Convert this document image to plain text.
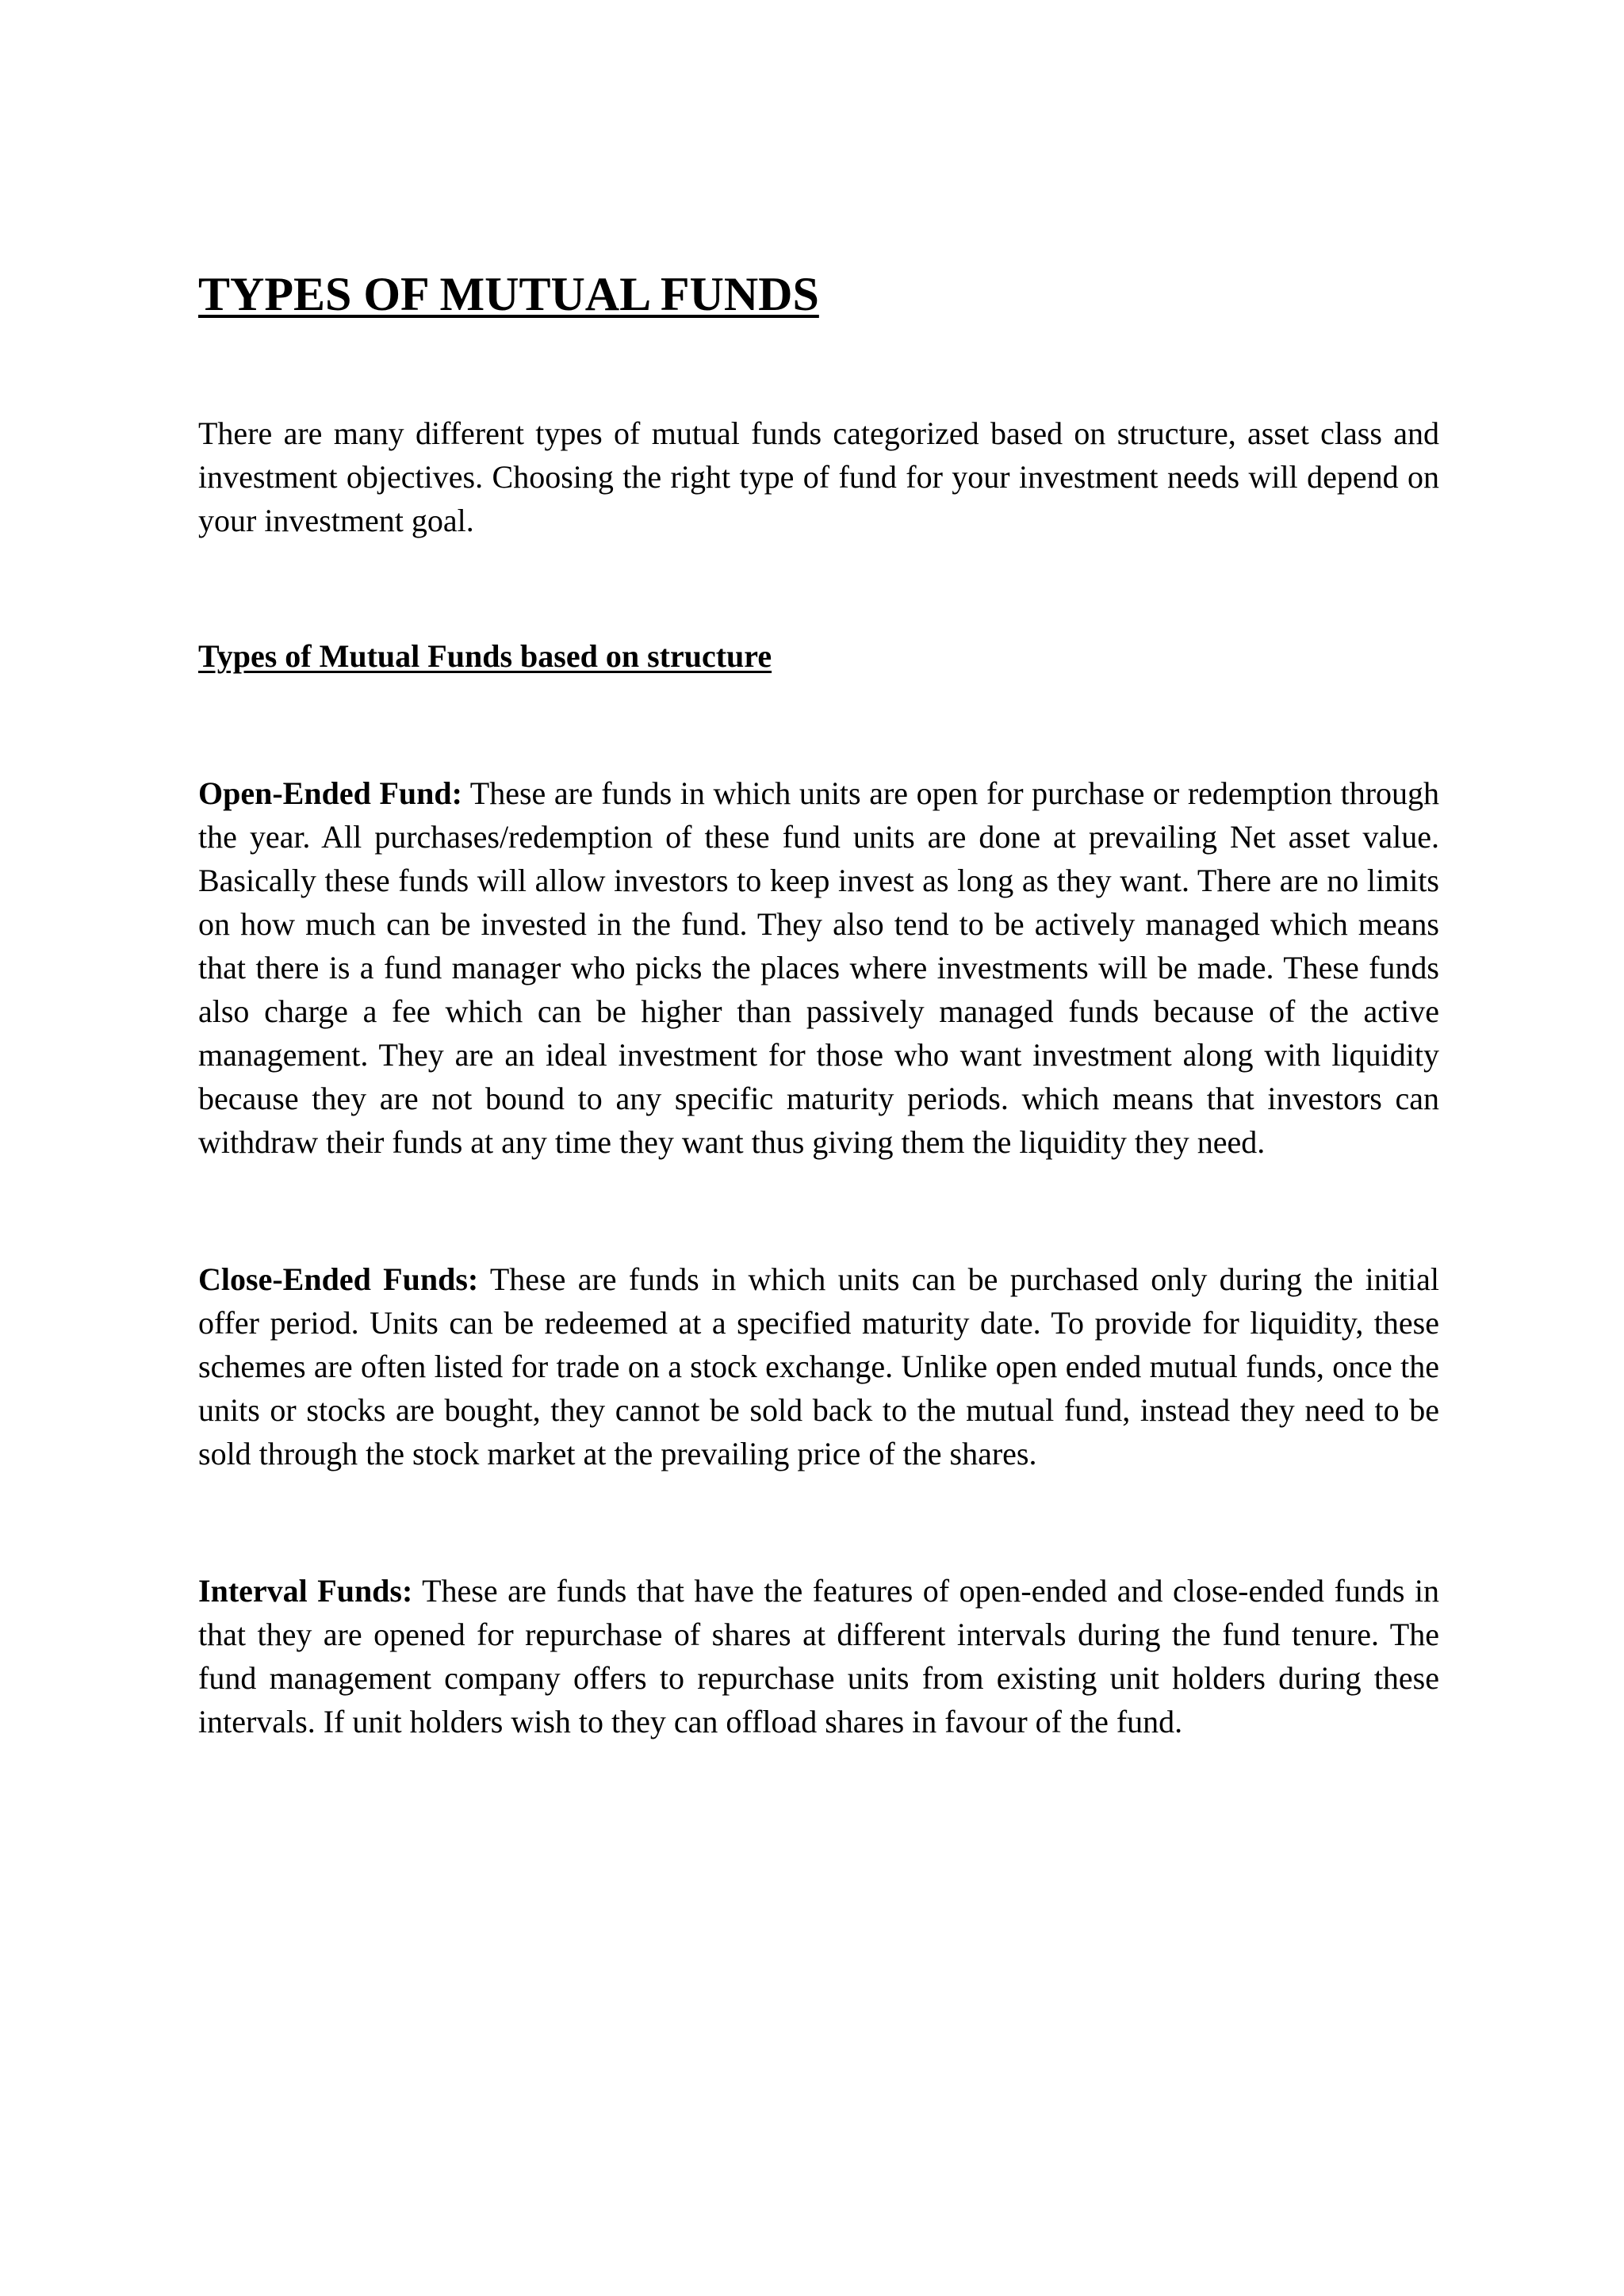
TYPES OF MUTUAL FUNDS

There are many different types of mutual funds categorized based on structure, asset class and investment objectives. Choosing the right type of fund for your investment needs will depend on your investment goal.

Types of Mutual Funds based on structure

Open-Ended Fund: These are funds in which units are open for purchase or redemption through the year. All purchases/redemption of these fund units are done at prevailing Net asset value. Basically these funds will allow investors to keep invest as long as they want. There are no limits on how much can be invested in the fund. They also tend to be actively managed which means that there is a fund manager who picks the places where investments will be made. These funds also charge a fee which can be higher than passively managed funds because of the active management. They are an ideal investment for those who want investment along with liquidity because they are not bound to any specific maturity periods. which means that investors can withdraw their funds at any time they want thus giving them the liquidity they need.

Close-Ended Funds: These are funds in which units can be purchased only during the initial offer period. Units can be redeemed at a specified maturity date. To provide for liquidity, these schemes are often listed for trade on a stock exchange. Unlike open ended mutual funds, once the units or stocks are bought, they cannot be sold back to the mutual fund, instead they need to be sold through the stock market at the prevailing price of the shares.

Interval Funds: These are funds that have the features of open-ended and close-ended funds in that they are opened for repurchase of shares at different intervals during the fund tenure. The fund management company offers to repurchase units from existing unit holders during these intervals. If unit holders wish to they can offload shares in favour of the fund.
